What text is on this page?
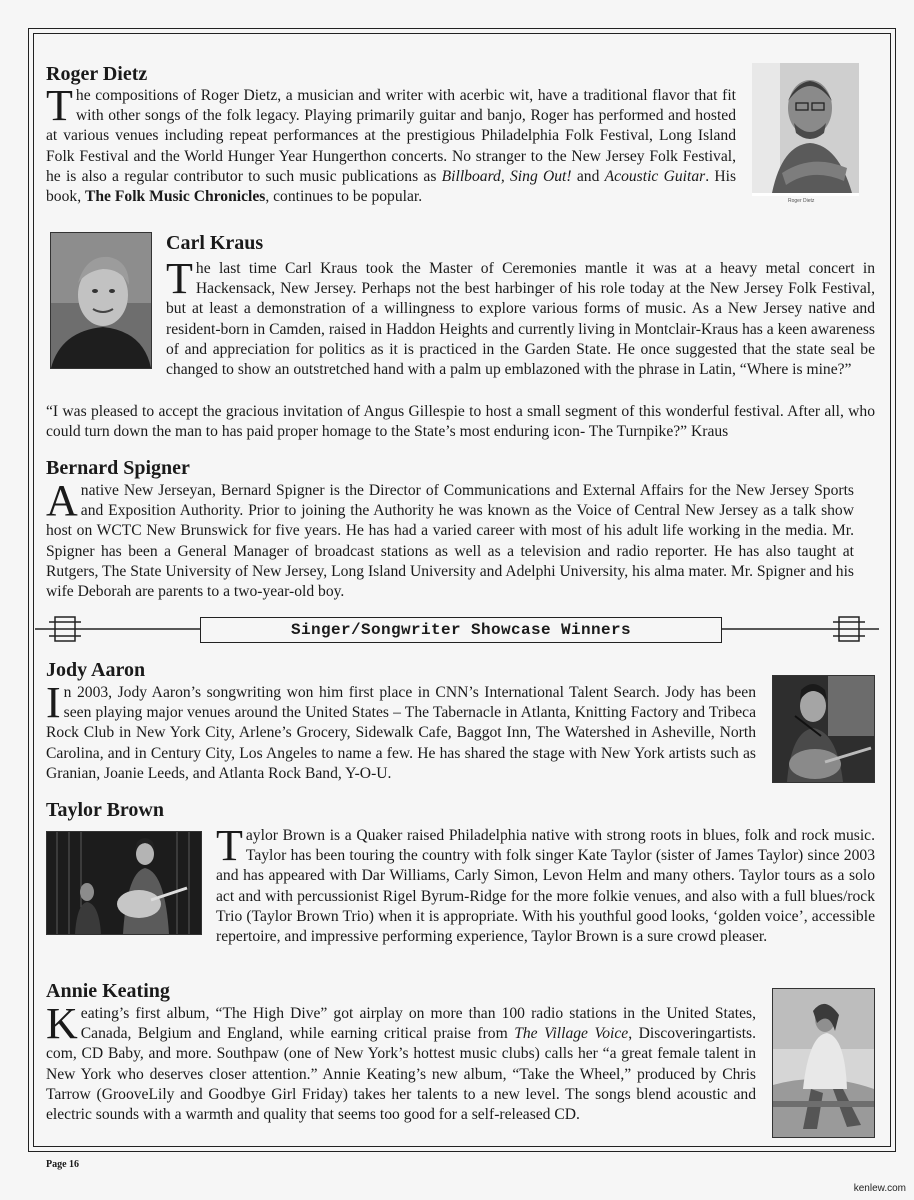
Roger Dietz

The compositions of Roger Dietz, a musician and writer with acerbic wit, have a traditional flavor that fit with other songs of the folk legacy. Playing primarily guitar and banjo, Roger has performed and hosted at various venues including repeat performances at the prestigious Philadelphia Folk Festival, Long Island Folk Festival and the World Hunger Year Hungerthon concerts. No stranger to the New Jersey Folk Festival, he is also a regular contributor to such music publications as Billboard, Sing Out! and Acoustic Guitar. His book, The Folk Music Chronicles, continues to be popular.	Roger Dietz
Carl Kraus

The last time Carl Kraus took the Master of Ceremonies mantle it was at a heavy metal concert in Hackensack, New Jersey. Perhaps not the best harbinger of his role today at the New Jersey Folk Festival, but at least a demonstration of a willingness to explore various forms of music. As a New Jersey native and resident-born in Camden, raised in Haddon Heights and currently living in Montclair-Kraus has a keen awareness of and appreciation for politics as it is practiced in the Garden State. He once suggested that the state seal be changed to show an outstretched hand with a palm up emblazoned with the phrase in Latin, “Where is mine?”

“I was pleased to accept the gracious invitation of Angus Gillespie to host a small segment of this wonderful festival. After all, who could turn down the man to has paid proper homage to the State’s most enduring icon- The Turnpike?” Kraus

Bernard Spigner

A native New Jerseyan, Bernard Spigner is the Director of Communications and External Affairs for the New Jersey Sports and Exposition Authority. Prior to joining the Authority he was known as the Voice of Central New Jersey as a talk show host on WCTC New Brunswick for five years. He has had a varied career with most of his adult life working in the media. Mr. Spigner has been a General Manager of broadcast stations as well as a television and radio reporter. He has also taught at Rutgers, The State University of New Jersey, Long Island University and Adelphi University, his alma mater. Mr. Spigner and his wife Deborah are parents to a two-year-old boy.

Singer/Songwriter Showcase Winners
Jody Aaron

In 2003, Jody Aaron’s songwriting won him first place in CNN’s International Talent Search. Jody has been seen playing major venues around the United States – The Tabernacle in Atlanta, Knitting Factory and Tribeca Rock Club in New York City, Arlene’s Grocery, Sidewalk Cafe, Baggot Inn, The Watershed in Asheville, North Carolina, and in Century City, Los Angeles to name a few. He has shared the stage with New York artists such as Granian, Joanie Leeds, and Atlanta Rock Band, Y-O-U.

Taylor Brown

Taylor Brown is a Quaker raised Philadelphia native with strong roots in blues, folk and rock music. Taylor has been touring the country with folk singer Kate Taylor (sister of James Taylor) since 2003 and has appeared with Dar Williams, Carly Simon, Levon Helm and many others. Taylor tours as a solo act and with percussionist Rigel Byrum-Ridge for the more folkie venues, and also with a full blues/rock Trio (Taylor Brown Trio) when it is appropriate. With his youthful good looks, ‘golden voice’, accessible repertoire, and impressive performing experience, Taylor Brown is a sure crowd pleaser.

Annie Keating

Keating’s first album, “The High Dive” got airplay on more than 100 radio stations in the United States, Canada, Belgium and England, while earning critical praise from The Village Voice, Discoveringartists. com, CD Baby, and more. Southpaw (one of New York’s hottest music clubs) calls her “a great female talent in New York who deserves closer attention.” Annie Keating’s new album, “Take the Wheel,” produced by Chris Tarrow (GrooveLily and Goodbye Girl Friday) takes her talents to a new level. The songs blend acoustic and electric sounds with a warmth and quality that seems too good for a self-released CD.

Page 16
kenlew.com
